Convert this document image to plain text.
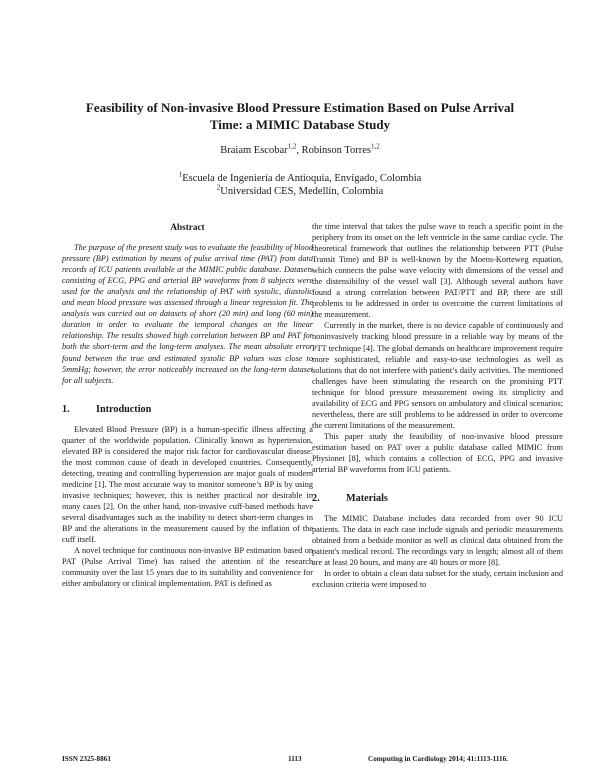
Feasibility of Non-invasive Blood Pressure Estimation Based on Pulse Arrival
Time: a MIMIC Database Study
Braiam Escobar$^{1,2}$, Robinson Torres$^{1,2}$
$^1$Escuela de Ingeniería de Antioquia, Envigado, Colombia
$^2$Universidad CES, Medellín, Colombia
Abstract

The purpose of the present study was to evaluate the feasibility of blood pressure (BP) estimation by means of pulse arrival time (PAT) from data records of ICU patients available at the MIMIC public database. Datasets consisting of ECG, PPG and arterial BP waveforms from 8 subjects were used for the analysis and the relationship of PAT with systolic, diastolic and mean blood pressure was assessed through a linear regression fit. The analysis was carried out on datasets of short (20 min) and long (60 min) duration in order to evaluate the temporal changes on the linear relationship. The results showed high correlation between BP and PAT for both the short-term and the long-term analyses. The mean absolute error found between the true and estimated systolic BP values was close to 5mmHg; however, the error noticeably increased on the long-term dataset for all subjects.

1.	Introduction

Elevated Blood Pressure (BP) is a human-specific illness affecting a quarter of the worldwide population. Clinically known as hypertension, elevated BP is considered the major risk factor for cardiovascular disease: the most common cause of death in developed countries. Consequently, detecting, treating and controlling hypertension are major goals of modern medicine [1]. The most accurate way to monitor someone’s BP is by using invasive techniques; however, this is neither practical nor desirable in many cases [2]. On the other hand, non-invasive cuff-based methods have several disadvantages such as the inability to detect short-term changes in BP and the alterations in the measurement caused by the inflation of the cuff itself.

A novel technique for continuous non-invasive BP estimation based on PAT (Pulse Arrival Time) has raised the attention of the research community over the last 15 years due to its suitability and convenience for either ambulatory or clinical implementation. PAT is defined as

the time interval that takes the pulse wave to reach a specific point in the periphery from its onset on the left ventricle in the same cardiac cycle. The theoretical framework that outlines the relationship between PTT (Pulse Transit Time) and BP is well-known by the Moens-Korteweg equation, which connects the pulse wave velocity with dimensions of the vessel and the distensibility of the vessel wall [3]. Although several authors have found a strong correlation between PAT/PTT and BP, there are still problems to be addressed in order to overcome the current limitations of the measurement.

Currently in the market, there is no device capable of continuously and noninvasively tracking blood pressure in a reliable way by means of the PTT technique [4]. The global demands on healthcare improvement require more sophisticated, reliable and easy-to-use technologies as well as solutions that do not interfere with patient’s daily activities. The mentioned challenges have been stimulating the research on the promising PTT technique for blood pressure measurement owing its simplicity and availability of ECG and PPG sensors on ambulatory and clinical scenarios; nevertheless, there are still problems to be addressed in order to overcome the current limitations of the measurement.

This paper study the feasibility of non-invasive blood pressure estimation based on PAT over a public database called MIMIC from Physionet [8], which contains a collection of ECG, PPG and invasive arterial BP waveforms from ICU patients.

2.	Materials

The MIMIC Database includes data recorded from over 90 ICU patients. The data in each case include signals and periodic measurements obtained from a bedside monitor as well as clinical data obtained from the patient's medical record. The recordings vary in length; almost all of them are at least 20 hours, and many are 40 hours or more [8].

In order to obtain a clean data subset for the study, certain inclusion and exclusion criteria were imposed to

ISSN 2325-8861	1113	Computing in Cardiology 2014; 41:1113-1116.
